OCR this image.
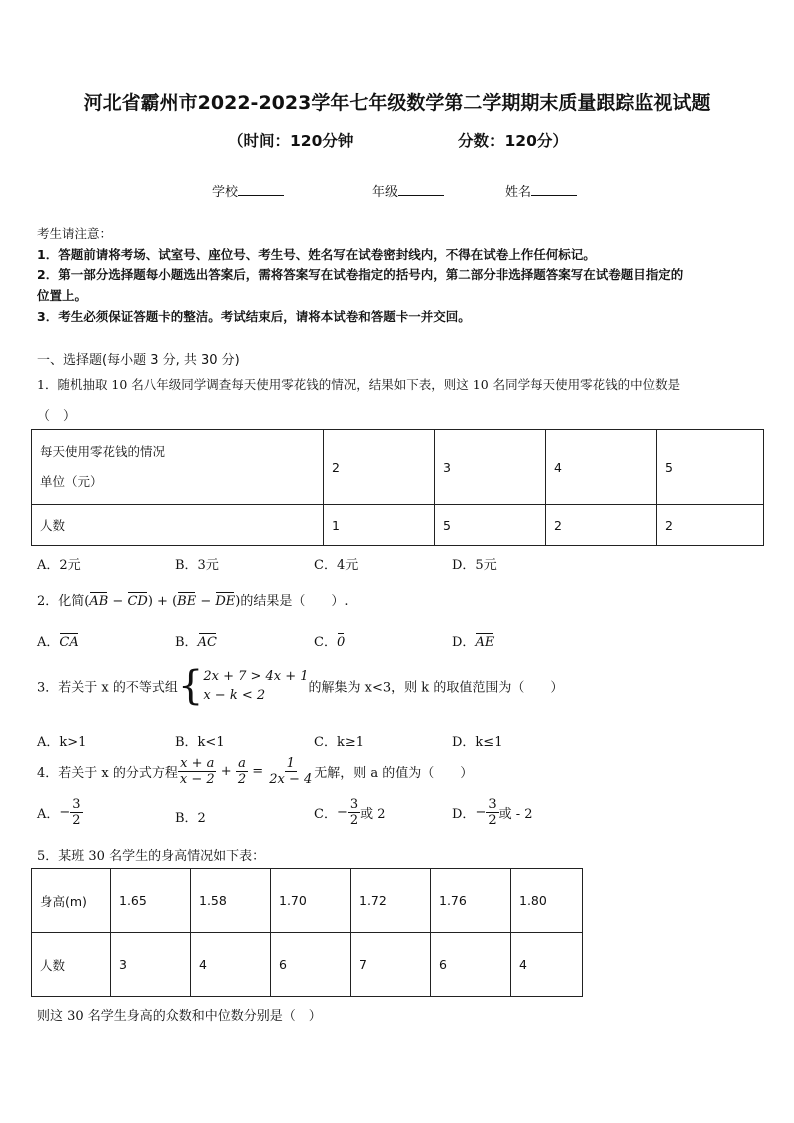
河北省霸州市2022-2023学年七年级数学第二学期期末质量跟踪监视试题
（时间：120分钟	分数：120分）
学校	年级	姓名
考生请注意：
1．答题前请将考场、试室号、座位号、考生号、姓名写在试卷密封线内，不得在试卷上作任何标记。
2．第一部分选择题每小题选出答案后，需将答案写在试卷指定的括号内，第二部分非选择题答案写在试卷题目指定的
位置上。
3．考生必须保证答题卡的整洁。考试结束后，请将本试卷和答题卡一并交回。
一、选择题(每小题 3 分, 共 30 分)
1．随机抽取 10 名八年级同学调查每天使用零花钱的情况，结果如下表，则这 10 名同学每天使用零花钱的中位数是
（　）
每天使用零花钱的情况
单位（元）	2	3	4	5
人数	1	5	2	2
A．2元	B．3元	C．4元	D．5元
2．化简(AB − CD) + (BE − DE)的结果是（　　）.
A．CA	B．AC	C．0	D．AE
3．若关于 x 的不等式组{ 2x + 7 > 4x + 1
x − k < 2	的解集为 x<3，则 k 的取值范围为（　　）
A．k>1	B．k<1	C．k≥1	D．k≤1
4．若关于 x 的分式方程 $\frac{x + a}{x - 2} + \frac{a}{2} = \frac{1}{2x - 4}$ 无解，则 a 的值为（　　）
A．− $\frac{3}{2}$	B．2	C．− $\frac{3}{2}$ 或 2	D．− $\frac{3}{2}$ 或 - 2
5．某班 30 名学生的身高情况如下表：
身高(m)	1.65	1.58	1.70	1.72	1.76	1.80
人数	3	4	6	7	6	4
则这 30 名学生身高的众数和中位数分别是（　）
